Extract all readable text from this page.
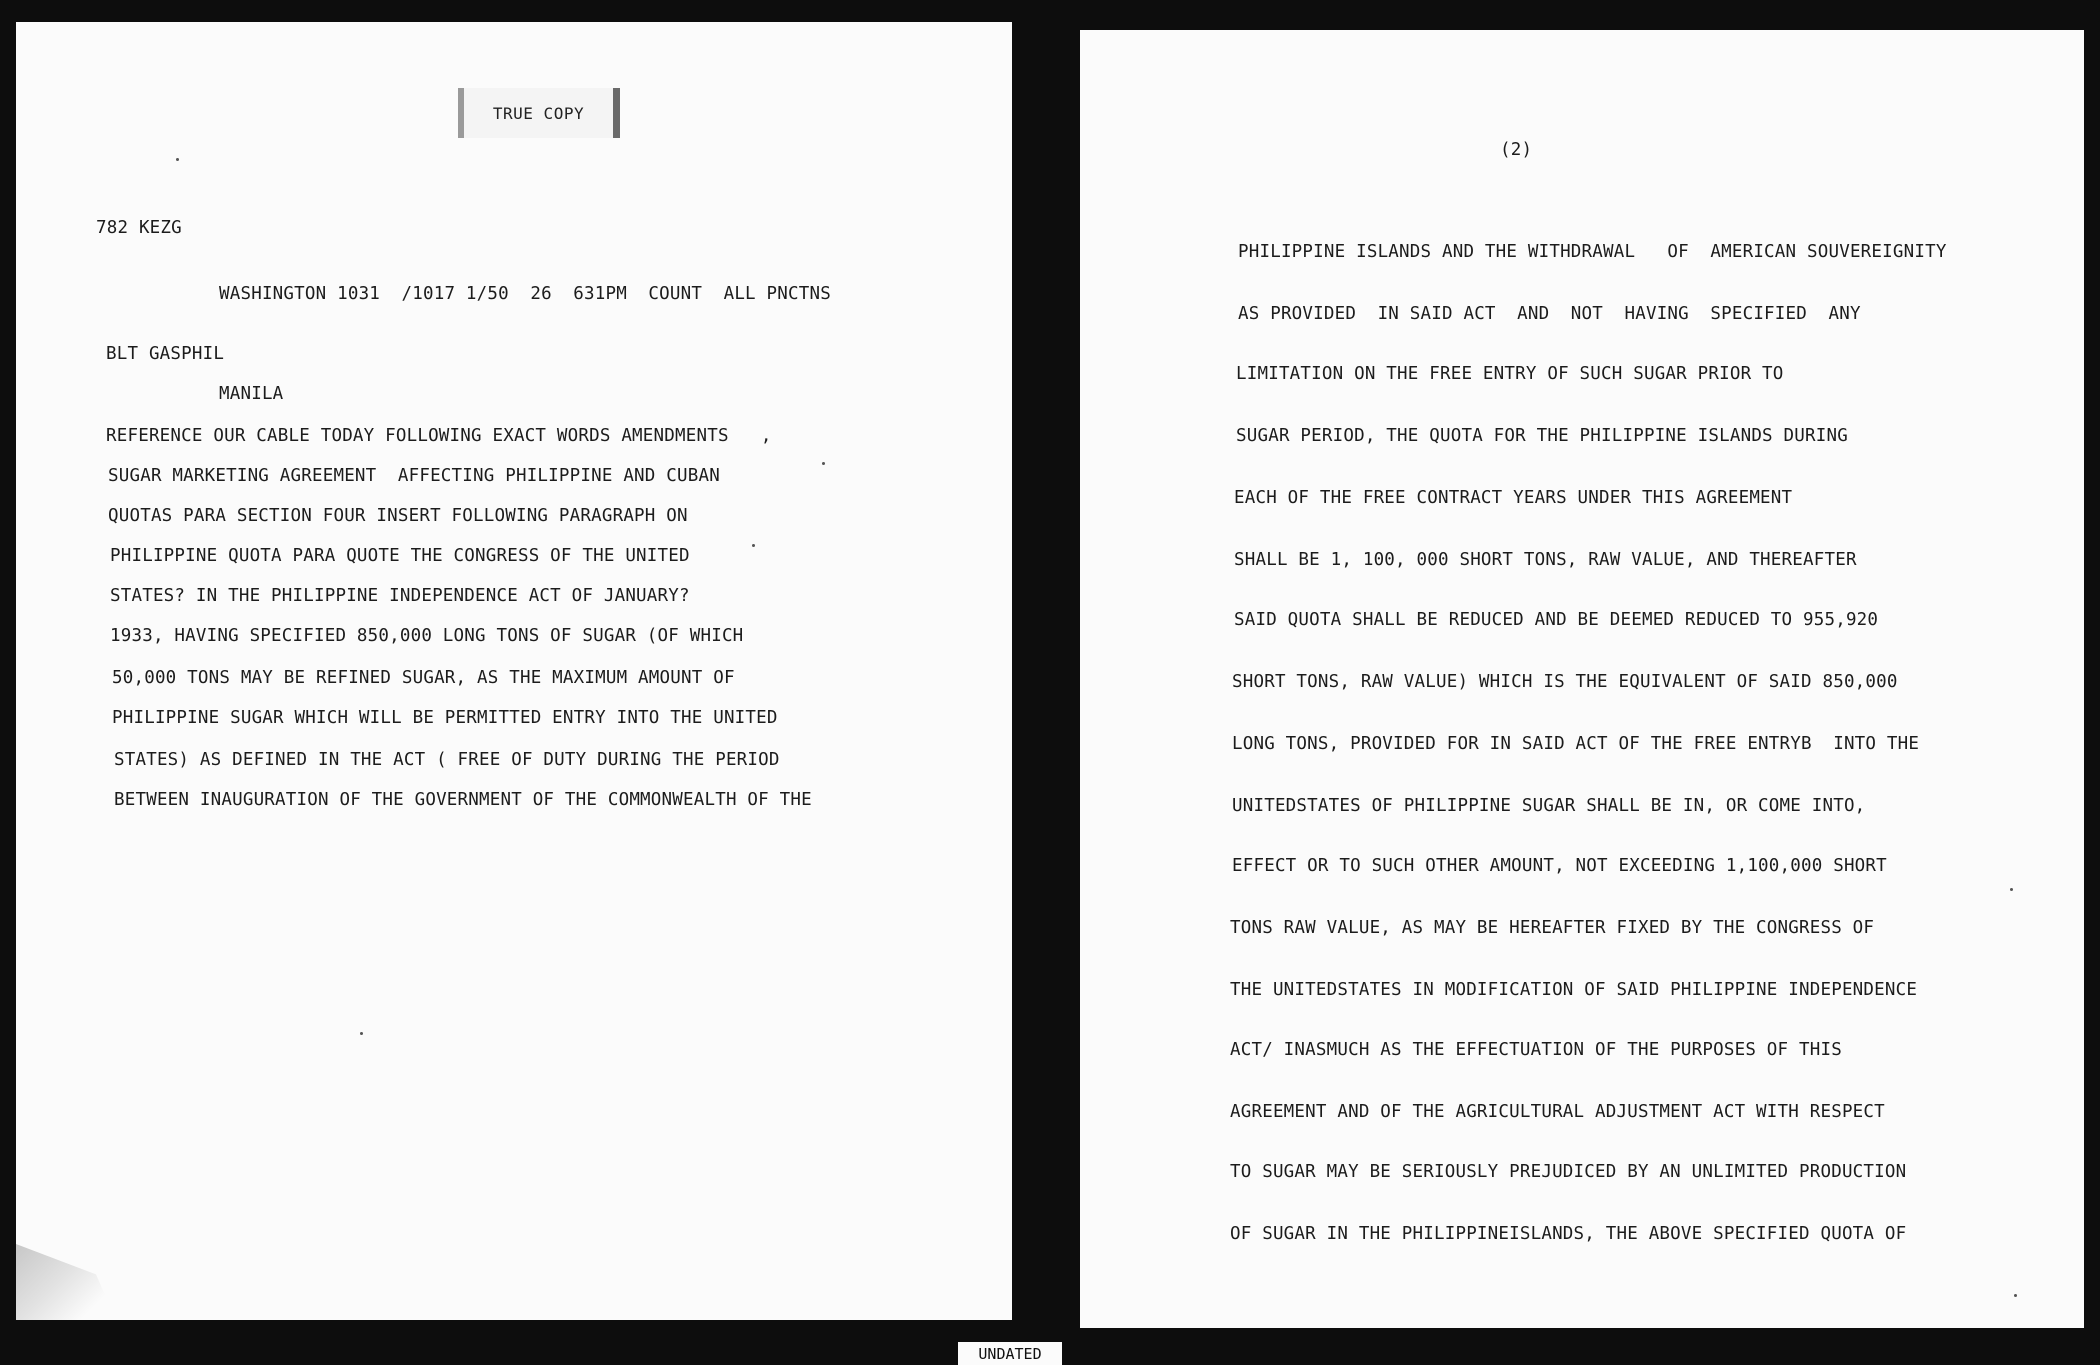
TRUE COPY

782 KEZG

WASHINGTON 1031  /1017 1/50  26  631PM  COUNT  ALL PNCTNS

BLT GASPHIL

MANILA

REFERENCE OUR CABLE TODAY FOLLOWING EXACT WORDS AMENDMENTS   ,

SUGAR MARKETING AGREEMENT  AFFECTING PHILIPPINE AND CUBAN

QUOTAS PARA SECTION FOUR INSERT FOLLOWING PARAGRAPH ON

PHILIPPINE QUOTA PARA QUOTE THE CONGRESS OF THE UNITED

STATES? IN THE PHILIPPINE INDEPENDENCE ACT OF JANUARY?

1933, HAVING SPECIFIED 850,000 LONG TONS OF SUGAR (OF WHICH

50,000 TONS MAY BE REFINED SUGAR, AS THE MAXIMUM AMOUNT OF

PHILIPPINE SUGAR WHICH WILL BE PERMITTED ENTRY INTO THE UNITED

STATES) AS DEFINED IN THE ACT ( FREE OF DUTY DURING THE PERIOD

BETWEEN INAUGURATION OF THE GOVERNMENT OF THE COMMONWEALTH OF THE

(2)

PHILIPPINE ISLANDS AND THE WITHDRAWAL   OF  AMERICAN SOUVEREIGNITY

AS PROVIDED  IN SAID ACT  AND  NOT  HAVING  SPECIFIED  ANY

LIMITATION ON THE FREE ENTRY OF SUCH SUGAR PRIOR TO

SUGAR PERIOD, THE QUOTA FOR THE PHILIPPINE ISLANDS DURING

EACH OF THE FREE CONTRACT YEARS UNDER THIS AGREEMENT

SHALL BE 1, 100, 000 SHORT TONS, RAW VALUE, AND THEREAFTER

SAID QUOTA SHALL BE REDUCED AND BE DEEMED REDUCED TO 955,920

SHORT TONS, RAW VALUE) WHICH IS THE EQUIVALENT OF SAID 850,000

LONG TONS, PROVIDED FOR IN SAID ACT OF THE FREE ENTRYB  INTO THE

UNITEDSTATES OF PHILIPPINE SUGAR SHALL BE IN, OR COME INTO,

EFFECT OR TO SUCH OTHER AMOUNT, NOT EXCEEDING 1,100,000 SHORT

TONS RAW VALUE, AS MAY BE HEREAFTER FIXED BY THE CONGRESS OF

THE UNITEDSTATES IN MODIFICATION OF SAID PHILIPPINE INDEPENDENCE

ACT/ INASMUCH AS THE EFFECTUATION OF THE PURPOSES OF THIS

AGREEMENT AND OF THE AGRICULTURAL ADJUSTMENT ACT WITH RESPECT

TO SUGAR MAY BE SERIOUSLY PREJUDICED BY AN UNLIMITED PRODUCTION

OF SUGAR IN THE PHILIPPINEISLANDS, THE ABOVE SPECIFIED QUOTA OF

UNDATED
